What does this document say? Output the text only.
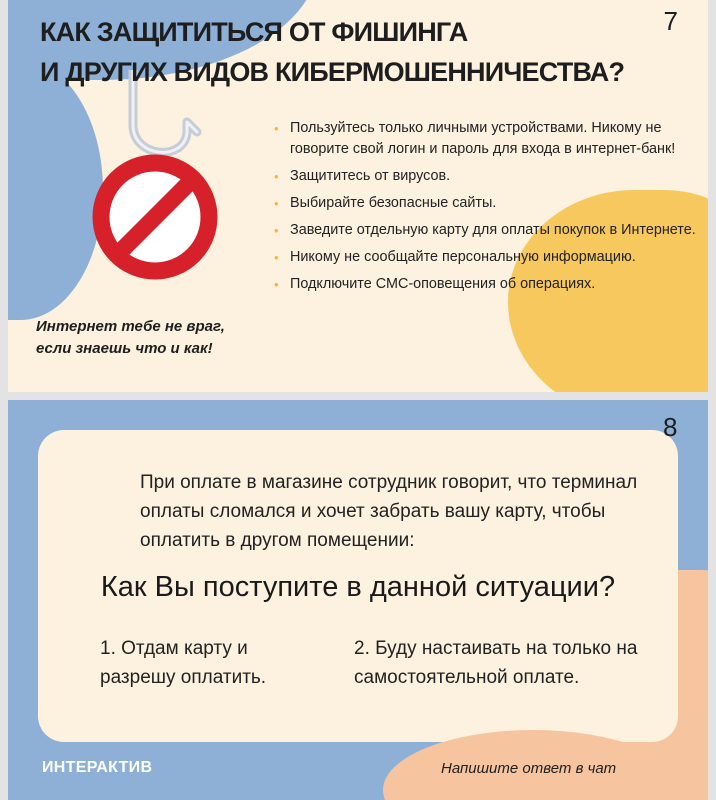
КАК ЗАЩИТИТЬСЯ ОТ ФИШИНГА
И ДРУГИХ ВИДОВ КИБЕРМОШЕННИЧЕСТВА?
7
Интернет тебе не враг,
если знаешь что и как!
• Пользуйтесь только личными устройствами. Никому не говорите свой логин и пароль для входа в интернет-банк!
• Защититесь от вирусов.
• Выбирайте безопасные сайты.
• Заведите отдельную карту для оплаты покупок в Интернете.
• Никому не сообщайте персональную информацию.
• Подключите СМС-оповещения об операциях.
8
При оплате в магазине сотрудник говорит, что терминал оплаты сломался и хочет забрать вашу карту, чтобы оплатить в другом помещении:
Как Вы поступите в данной ситуации?
1. Отдам карту и разрешу оплатить.
2. Буду настаивать на только на самостоятельной оплате.
ИНТЕРАКТИВ	Напишите ответ в чат
